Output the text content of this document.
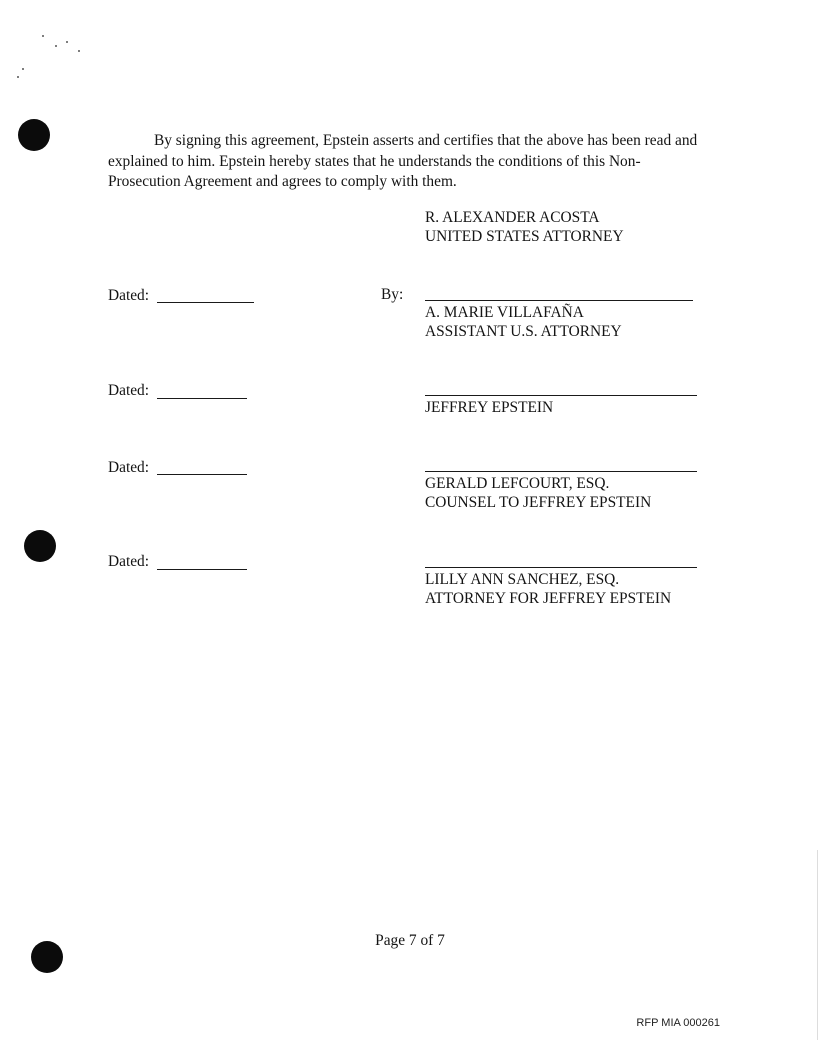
By signing this agreement, Epstein asserts and certifies that the above has been read and explained to him. Epstein hereby states that he understands the conditions of this Non-Prosecution Agreement and agrees to comply with them.
R. ALEXANDER ACOSTA
UNITED STATES ATTORNEY
Dated:	By:
A. MARIE VILLAFAÑA
ASSISTANT U.S. ATTORNEY
Dated:
JEFFREY EPSTEIN
Dated:
GERALD LEFCOURT, ESQ.
COUNSEL TO JEFFREY EPSTEIN
Dated:
LILLY ANN SANCHEZ, ESQ.
ATTORNEY FOR JEFFREY EPSTEIN
Page 7 of 7
RFP MIA 000261
